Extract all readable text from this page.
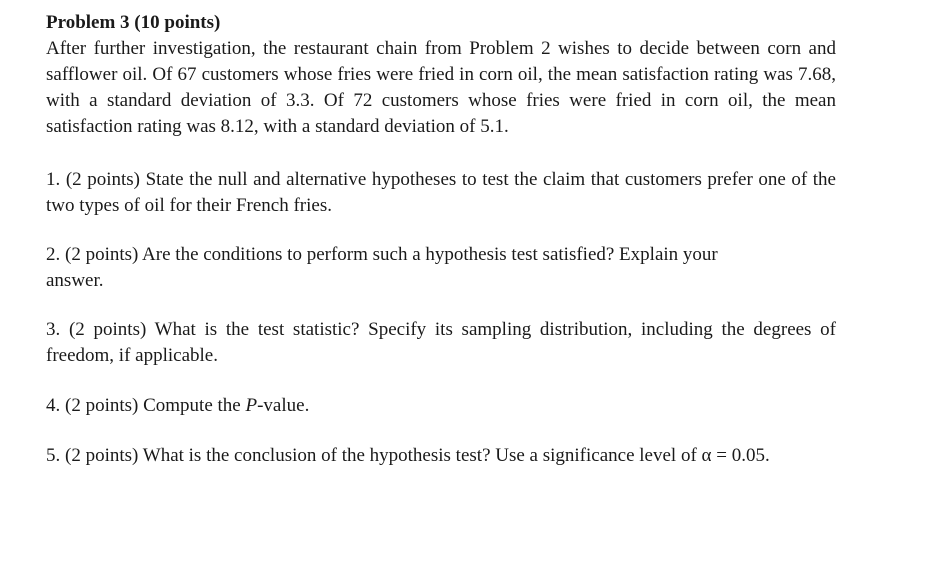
Problem 3 (10 points)

After further investigation, the restaurant chain from Problem 2 wishes to decide between corn and safflower oil. Of 67 customers whose fries were fried in corn oil, the mean satisfaction rating was 7.68, with a standard deviation of 3.3. Of 72 customers whose fries were fried in corn oil, the mean satisfaction rating was 8.12, with a standard deviation of 5.1.

1. (2 points) State the null and alternative hypotheses to test the claim that customers prefer one of the two types of oil for their French fries.

2. (2 points) Are the conditions to perform such a hypothesis test satisfied? Explain your
answer.

3. (2 points) What is the test statistic? Specify its sampling distribution, including the degrees of freedom, if applicable.

4. (2 points) Compute the P-value.

5. (2 points) What is the conclusion of the hypothesis test? Use a significance level of α = 0.05.
